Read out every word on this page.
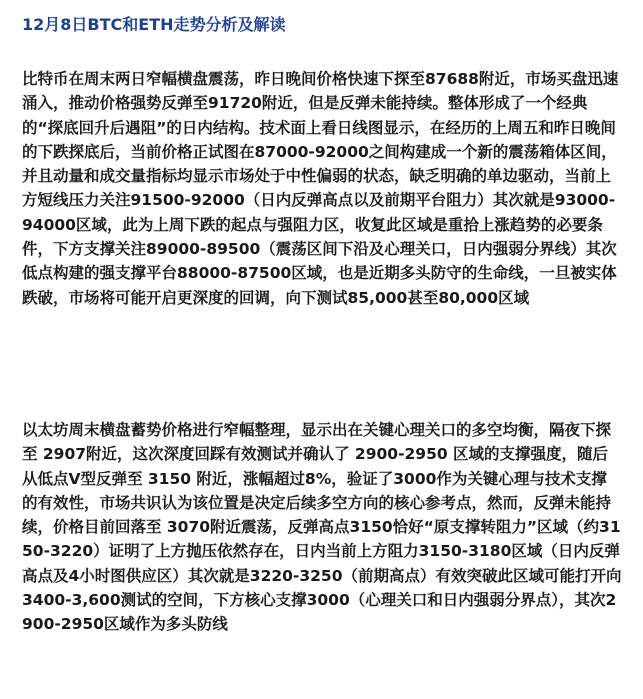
12月8日BTC和ETH走势分析及解读

比特币在周末两日窄幅横盘震荡，昨日晚间价格快速下探至87688附近，市场买盘迅速涌入，推动价格强势反弹至91720附近，但是反弹未能持续。整体形成了一个经典的“探底回升后遇阻”的日内结构。技术面上看日线图显示，在经历的上周五和昨日晚间的下跌探底后，当前价格正试图在87000-92000之间构建成一个新的震荡箱体区间，并且动量和成交量指标均显示市场处于中性偏弱的状态，缺乏明确的单边驱动，当前上方短线压力关注91500-92000（日内反弹高点以及前期平台阻力）其次就是93000-94000区域，此为上周下跌的起点与强阻力区，收复此区域是重拾上涨趋势的必要条件，下方支撑关注89000-89500（震荡区间下沿及心理关口，日内强弱分界线）其次低点构建的强支撑平台88000-87500区域，也是近期多头防守的生命线，一旦被实体跌破，市场将可能开启更深度的回调，向下测试85,000甚至80,000区域

以太坊周末横盘蓄势价格进行窄幅整理，显示出在关键心理关口的多空均衡，隔夜下探至 2907附近，这次深度回踩有效测试并确认了 2900-2950 区域的支撑强度，随后从低点V型反弹至 3150 附近，涨幅超过8%，验证了3000作为关键心理与技术支撑的有效性，市场共识认为该位置是决定后续多空方向的核心参考点，然而，反弹未能持续，价格目前回落至 3070附近震荡，反弹高点3150恰好“原支撑转阻力”区域（约3150-3220）证明了上方抛压依然存在，日内当前上方阻力3150-3180区域（日内反弹高点及4小时图供应区）其次就是3220-3250（前期高点）有效突破此区域可能打开向3400-3,600测试的空间，下方核心支撑3000（心理关口和日内强弱分界点），其次2900-2950区域作为多头防线
